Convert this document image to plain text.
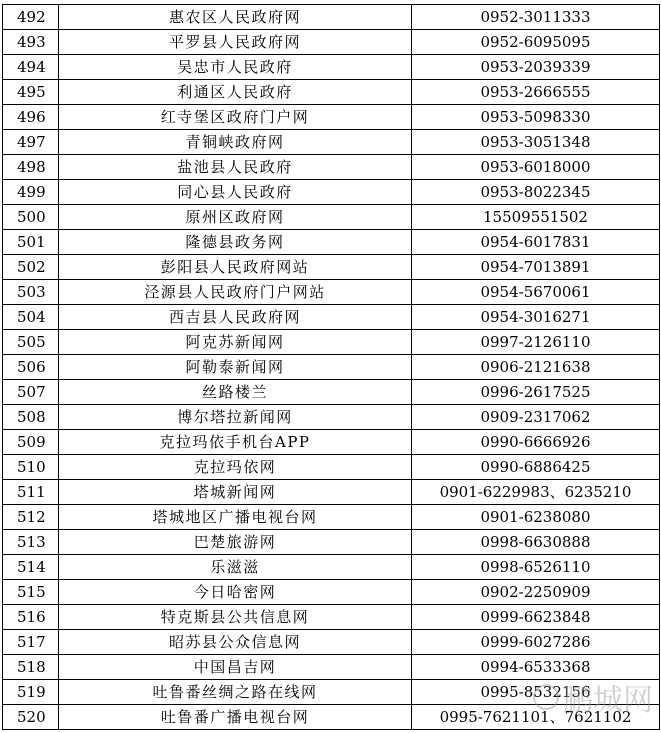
492	惠农区人民政府网	0952-3011333
493	平罗县人民政府网	0952-6095095
494	吴忠市人民政府	0953-2039339
495	利通区人民政府	0953-2666555
496	红寺堡区政府门户网	0953-5098330
497	青铜峡政府网	0953-3051348
498	盐池县人民政府	0953-6018000
499	同心县人民政府	0953-8022345
500	原州区政府网	15509551502
501	隆德县政务网	0954-6017831
502	彭阳县人民政府网站	0954-7013891
503	泾源县人民政府门户网站	0954-5670061
504	西吉县人民政府网	0954-3016271
505	阿克苏新闻网	0997-2126110
506	阿勒泰新闻网	0906-2121638
507	丝路楼兰	0996-2617525
508	博尔塔拉新闻网	0909-2317062
509	克拉玛依手机台APP	0990-6666926
510	克拉玛依网	0990-6886425
511	塔城新闻网	0901-6229983、6235210
512	塔城地区广播电视台网	0901-6238080
513	巴楚旅游网	0998-6630888
514	乐滋滋	0998-6526110
515	今日哈密网	0902-2250909
516	特克斯县公共信息网	0999-6623848
517	昭苏县公众信息网	0999-6027286
518	中国昌吉网	0994-6533368
519	吐鲁番丝绸之路在线网	0995-8532156
520	吐鲁番广播电视台网	0995-7621101、7621102
鹏城网
